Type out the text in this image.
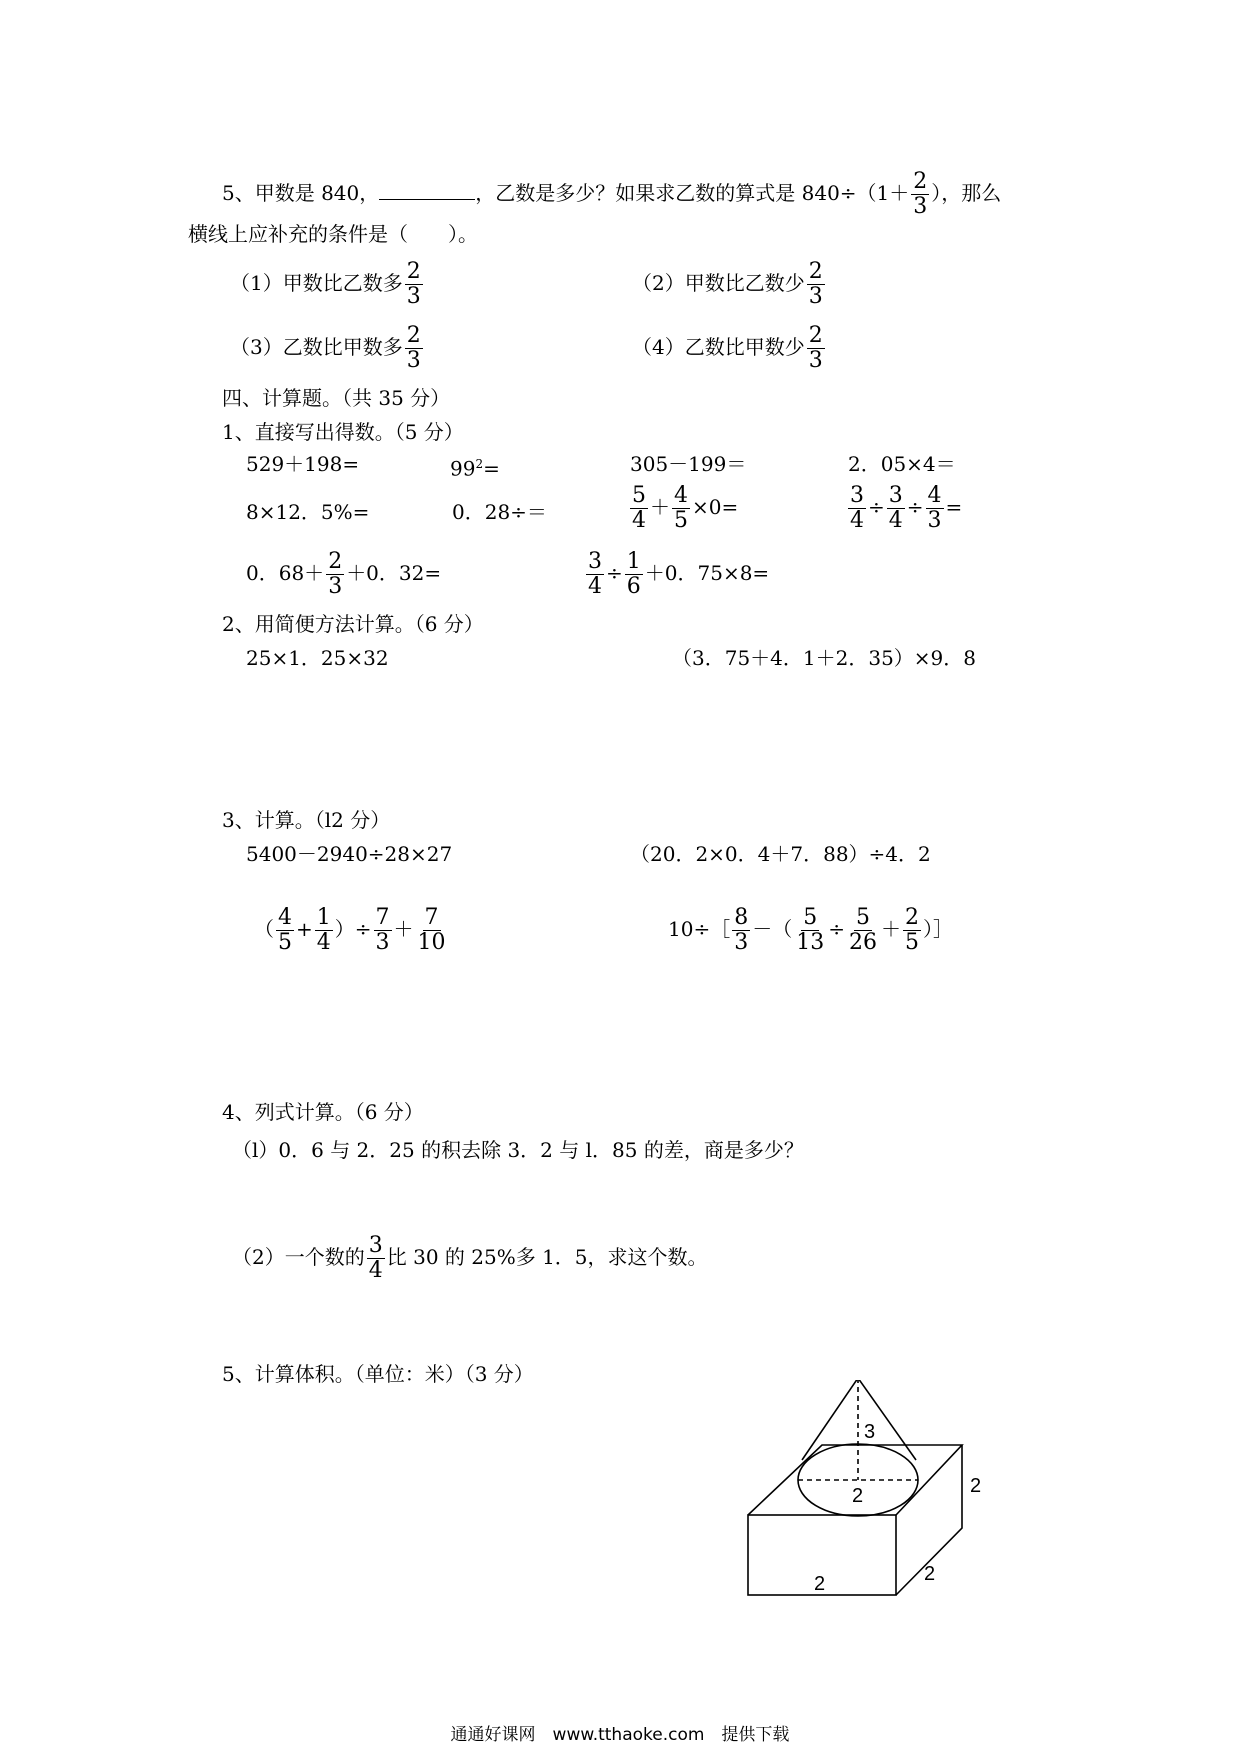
5、甲数是 840，	，乙数是多少？如果求乙数的算式是 $840\div(1+ \frac{2}{3}$ ），那么
横线上应补充的条件是（　　）。
（1）甲数比乙数多 $\frac{2}{3}$	（2）甲数比乙数少 $\frac{2}{3}$
（3）乙数比甲数多 $\frac{2}{3}$	（4）乙数比甲数少 $\frac{2}{3}$
四、计算题。（共 35 分）
1、直接写出得数。（5 分）
529＋198=	$99^2=$	305－199＝	2．05×4＝
8×12．5%=	0．28÷＝	$\frac{5}{4} + \frac{4}{5} \times 0=$	$\frac{3}{4} \div \frac{3}{4} \div \frac{4}{3}$ =
0．$68+ \frac{2}{3} +0$．32=	$\frac{3}{4} \div \frac{1}{6} +0$．75×8=
2、用简便方法计算。（6 分）
25×1．25×32	（3．75＋4．1＋2．35）×9．8
3、计算。（l2 分）
5400－2940÷28×27	（20．2×0．4＋7．88）÷4．2
（ $\frac{4}{5} + \frac{1}{4}$ ）÷ $\frac{7}{3} + \frac{7}{10}$	10÷［ $\frac{8}{3}$ －（ $\frac{5}{13} \div \frac{5}{26} + \frac{2}{5}$ ）］
4、列式计算。（6 分）
（l）0．6 与 2．25 的积去除 3．2 与 l．85 的差，商是多少？
（2）一个数的 $\frac{3}{4}$ 比 30 的 25%多 1．5，求这个数。
5、计算体积。（单位：米）（3 分）
3
2	2
2
2
通通好课网　www.tthaoke.com　提供下载
